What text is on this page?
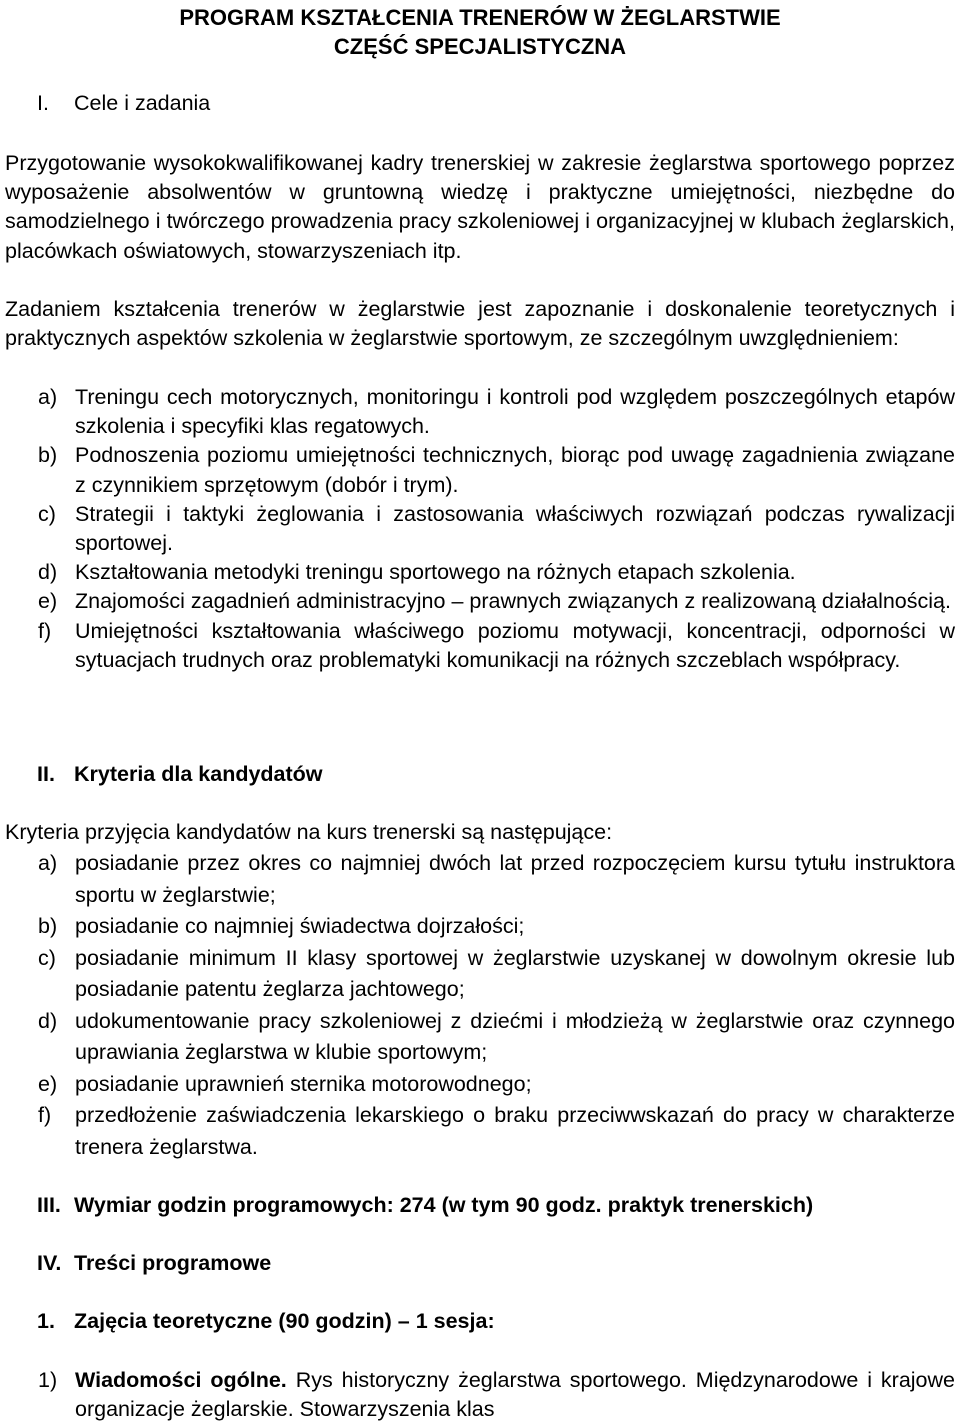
PROGRAM KSZTAŁCENIA TRENERÓW W ŻEGLARSTWIE
CZĘŚĆ SPECJALISTYCZNA
I. Cele i zadania

Przygotowanie wysokokwalifikowanej kadry trenerskiej w zakresie żeglarstwa sportowego poprzez wyposażenie absolwentów w gruntowną wiedzę i praktyczne umiejętności, niezbędne do samodzielnego i twórczego prowadzenia pracy szkoleniowej i organizacyjnej w klubach żeglarskich, placówkach oświatowych, stowarzyszeniach itp.

Zadaniem kształcenia trenerów w żeglarstwie jest zapoznanie i doskonalenie teoretycznych i praktycznych aspektów szkolenia w żeglarstwie sportowym, ze szczególnym uwzględnieniem:

a) Treningu cech motorycznych, monitoringu i kontroli pod względem poszczególnych etapów szkolenia i specyfiki klas regatowych.
b) Podnoszenia poziomu umiejętności technicznych, biorąc pod uwagę zagadnienia związane z czynnikiem sprzętowym (dobór i trym).
c) Strategii i taktyki żeglowania i zastosowania właściwych rozwiązań podczas rywalizacji sportowej.
d) Kształtowania metodyki treningu sportowego na różnych etapach szkolenia.
e) Znajomości zagadnień administracyjno – prawnych związanych z realizowaną działalnością.
f) Umiejętności kształtowania właściwego poziomu motywacji, koncentracji, odporności w sytuacjach trudnych oraz problematyki komunikacji na różnych szczeblach współpracy.
II. Kryteria dla kandydatów

Kryteria przyjęcia kandydatów na kurs trenerski są następujące:

a) posiadanie przez okres co najmniej dwóch lat przed rozpoczęciem kursu tytułu instruktora sportu w żeglarstwie;
b) posiadanie co najmniej świadectwa dojrzałości;
c) posiadanie minimum II klasy sportowej w żeglarstwie uzyskanej w dowolnym okresie lub posiadanie patentu żeglarza jachtowego;
d) udokumentowanie pracy szkoleniowej z dziećmi i młodzieżą w żeglarstwie oraz czynnego uprawiania żeglarstwa w klubie sportowym;
e) posiadanie uprawnień sternika motorowodnego;
f) przedłożenie zaświadczenia lekarskiego o braku przeciwwskazań do pracy w charakterze trenera żeglarstwa.
III. Wymiar godzin programowych: 274 (w tym 90 godz. praktyk trenerskich)
IV. Treści programowe
1. Zajęcia teoretyczne (90 godzin) – 1 sesja:
1) Wiadomości ogólne. Rys historyczny żeglarstwa sportowego. Międzynarodowe i krajowe organizacje żeglarskie. Stowarzyszenia klas
